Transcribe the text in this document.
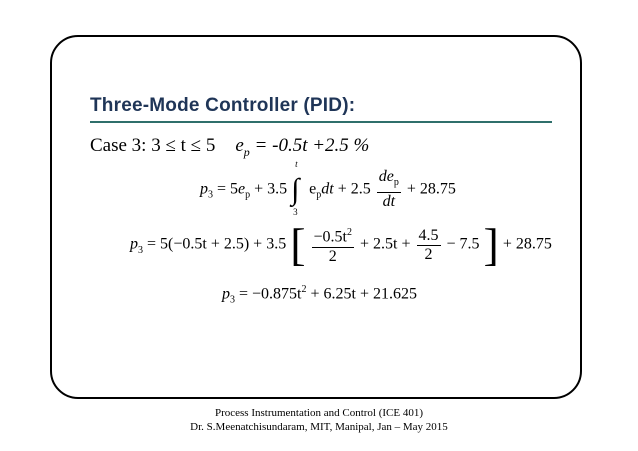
Three-Mode Controller (PID):
Case 3: 3 ≤ t ≤ 5 $e_p = -0.5t +2.5$ %
$p_3 = 5e_p + 3.5$ ∫
t
3
$e_pdt + 2.5 \frac{de_p}{dt} + 28.75$
$p_3 = 5(-0.5t + 2.5) + 3.5$ [ $\frac{-0.5t^2}{2} + 2.5t + \frac{4.5}{2} - 7.5$ ] + 28.75
$p_3 = -0.875t^2 + 6.25t + 21.625$
Process Instrumentation and Control (ICE 401)
Dr. S.Meenatchisundaram, MIT, Manipal, Jan – May 2015
